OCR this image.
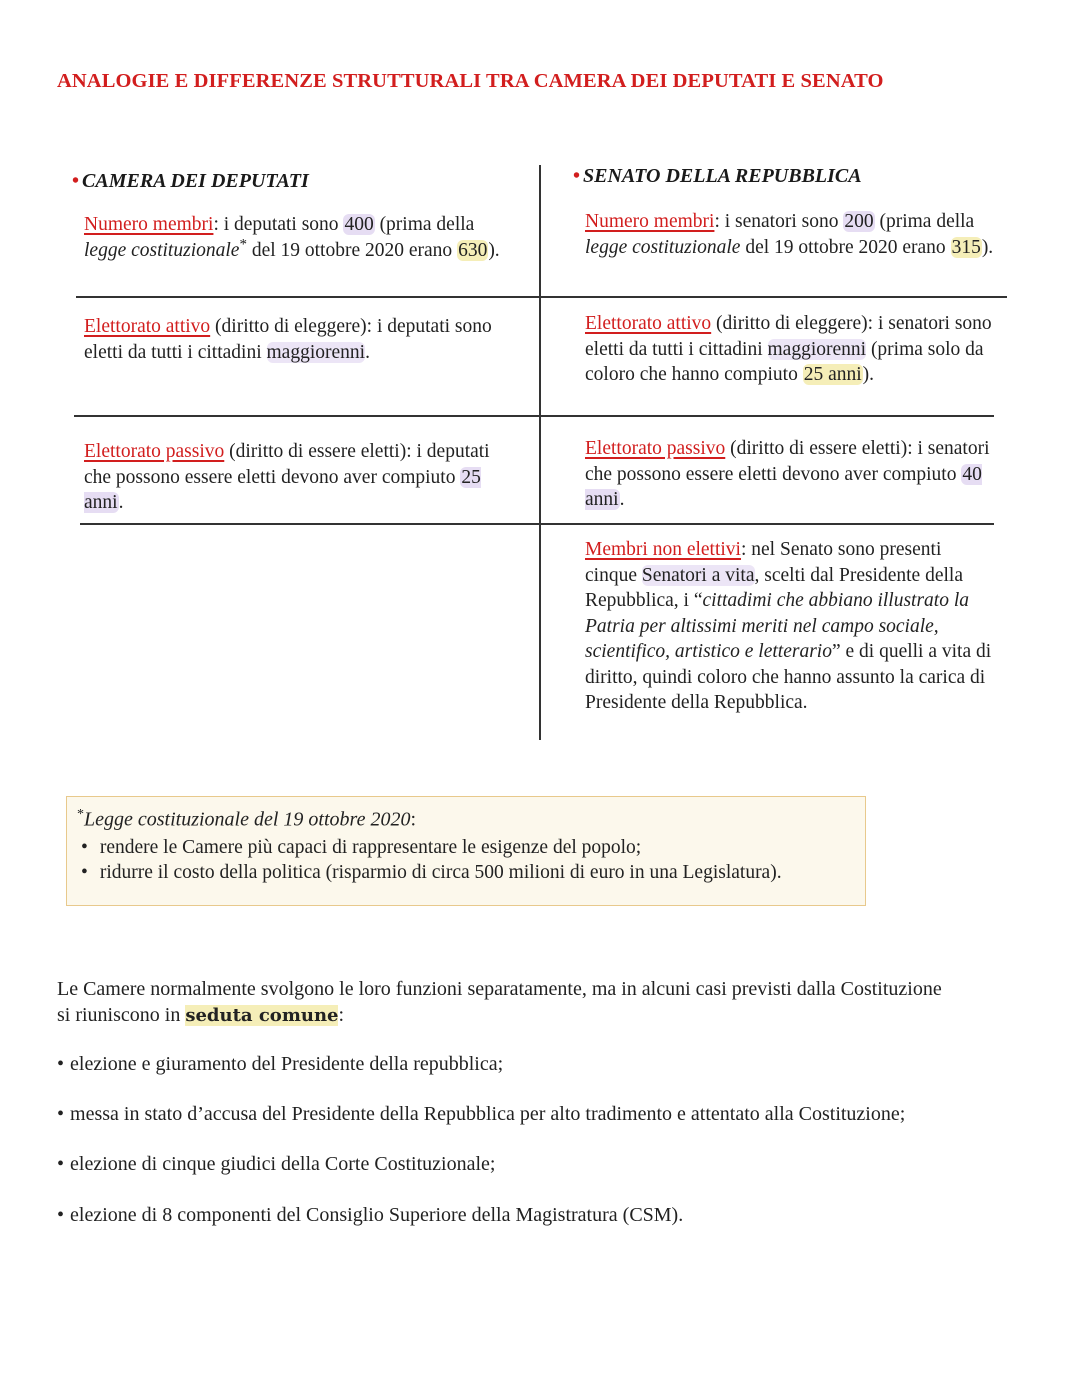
ANALOGIE E DIFFERENZE STRUTTURALI TRA CAMERA DEI DEPUTATI E SENATO
• CAMERA DEI DEPUTATI
Numero membri: i deputati sono 400 (prima della legge costituzionale* del 19 ottobre 2020 erano 630).
Elettorato attivo (diritto di eleggere): i deputati sono eletti da tutti i cittadini maggiorenni.
Elettorato passivo (diritto di essere eletti): i deputati che possono essere eletti devono aver compiuto 25 anni.
• SENATO DELLA REPUBBLICA
Numero membri: i senatori sono 200 (prima della legge costituzionale del 19 ottobre 2020 erano 315).
Elettorato attivo (diritto di eleggere): i senatori sono eletti da tutti i cittadini maggiorenni (prima solo da coloro che hanno compiuto 25 anni).
Elettorato passivo (diritto di essere eletti): i senatori che possono essere eletti devono aver compiuto 40 anni.
Membri non elettivi: nel Senato sono presenti cinque Senatori a vita, scelti dal Presidente della Repubblica, i “cittadimi che abbiano illustrato la Patria per altissimi meriti nel campo sociale, scientifico, artistico e letterario” e di quelli a vita di diritto, quindi coloro che hanno assunto la carica di Presidente della Repubblica.
*Legge costituzionale del 19 ottobre 2020:
• rendere le Camere più capaci di rappresentare le esigenze del popolo;
• ridurre il costo della politica (risparmio di circa 500 milioni di euro in una Legislatura).
Le Camere normalmente svolgono le loro funzioni separatamente, ma in alcuni casi previsti dalla Costituzione si riuniscono in seduta comune:
• elezione e giuramento del Presidente della repubblica;
• messa in stato d’accusa del Presidente della Repubblica per alto tradimento e attentato alla Costituzione;
• elezione di cinque giudici della Corte Costituzionale;
• elezione di 8 componenti del Consiglio Superiore della Magistratura (CSM).
